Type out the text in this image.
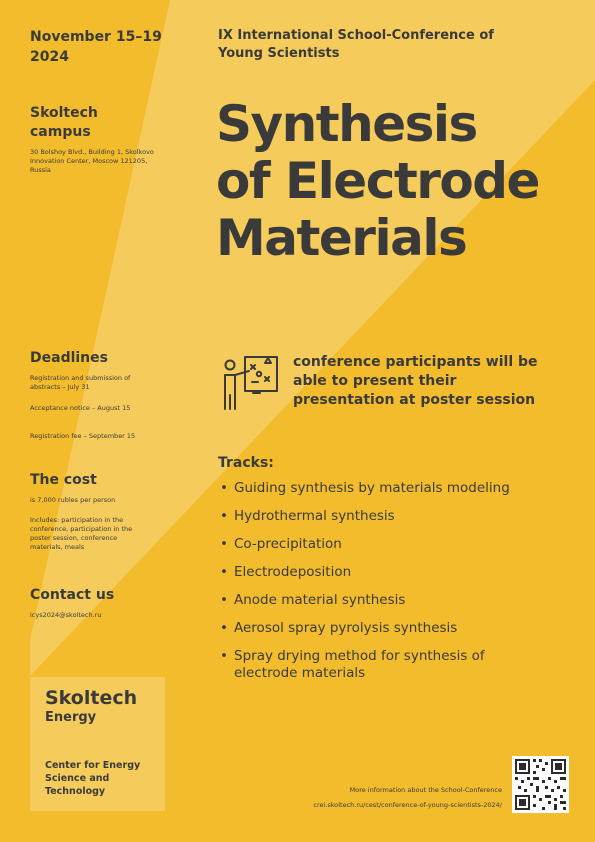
November 15–19 2024
IX International School-Conference of Young Scientists
Skoltech campus
30 Bolshoy Blvd., Building 1, Skolkovo Innovation Center, Moscow 121205, Russia
Synthesis
of Electrode
Materials
Deadlines
Registration and submission of abstracts – July 31
Acceptance notice – August 15
Registration fee – September 15
The cost
is 7,000 rubles per person
Includes: participation in the conference, participation in the poster session, conference materials, meals
Contact us
icys2024@skoltech.ru
conference participants will be able to present their presentation at poster session
Tracks:
• Guiding synthesis by materials modeling
• Hydrothermal synthesis
• Co-precipitation
• Electrodeposition
• Anode material synthesis
• Aerosol spray pyrolysis synthesis
• Spray drying method for synthesis of electrode materials
Skoltech
Energy
Center for Energy Science and Technology	More information about the School-Conference
crei.skoltech.ru/cest/conference-of-young-scientists-2024/
